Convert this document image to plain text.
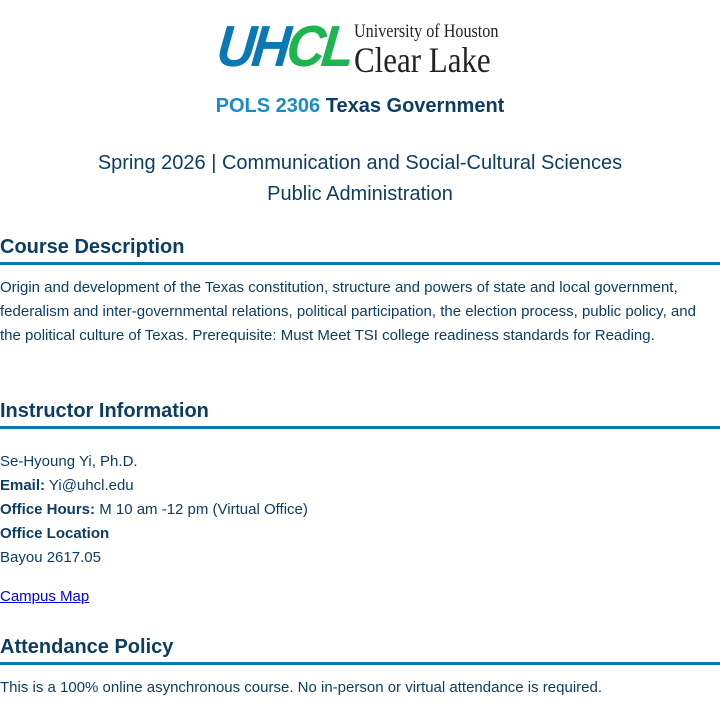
UHCL University of Houston
Clear Lake
POLS 2306 Texas Government
Spring 2026 | Communication and Social-Cultural Sciences
Public Administration
Course Description

Origin and development of the Texas constitution, structure and powers of state and local government, federalism and inter-governmental relations, political participation, the election process, public policy, and the political culture of Texas. Prerequisite: Must Meet TSI college readiness standards for Reading.

Instructor Information
Se-Hyoung Yi, Ph.D.
Email: Yi@uhcl.edu
Office Hours: M 10 am -12 pm (Virtual Office)
Office Location
Bayou 2617.05

Campus Map

Attendance Policy

This is a 100% online asynchronous course. No in-person or virtual attendance is required.
